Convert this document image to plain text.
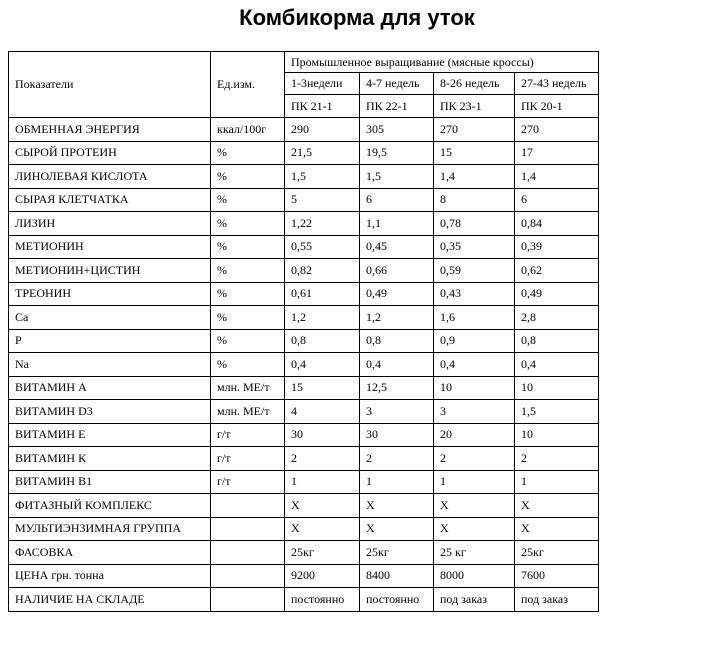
Комбикорма для уток
Показатели	Ед.изм.	Промышленное выращивание (мясные кроссы)			
		1-3недели	4-7 недель	8-26 недель	27-43 недель
		ПК 21-1	ПК 22-1	ПК 23-1	ПК 20-1
ОБМЕННАЯ ЭНЕРГИЯ	ккал/100г	290	305	270	270
СЫРОЙ ПРОТЕИН	%	21,5	19,5	15	17
ЛИНОЛЕВАЯ КИСЛОТА	%	1,5	1,5	1,4	1,4
СЫРАЯ КЛЕТЧАТКА	%	5	6	8	6
ЛИЗИН	%	1,22	1,1	0,78	0,84
МЕТИОНИН	%	0,55	0,45	0,35	0,39
МЕТИОНИН+ЦИСТИН	%	0,82	0,66	0,59	0,62
ТРЕОНИН	%	0,61	0,49	0,43	0,49
Са	%	1,2	1,2	1,6	2,8
Р	%	0,8	0,8	0,9	0,8
Na	%	0,4	0,4	0,4	0,4
ВИТАМИН А	млн. МЕ/т	15	12,5	10	10
ВИТАМИН D3	млн. МЕ/т	4	3	3	1,5
ВИТАМИН Е	г/т	30	30	20	10
ВИТАМИН К	г/т	2	2	2	2
ВИТАМИН В1	г/т	1	1	1	1
ФИТАЗНЫЙ КОМПЛЕКС		Х	Х	Х	Х
МУЛЬТИЭНЗИМНАЯ ГРУППА		Х	Х	Х	Х
ФАСОВКА		25кг	25кг	25 кг	25кг
ЦЕНА грн. тонна		9200	8400	8000	7600
НАЛИЧИЕ НА СКЛАДЕ		постоянно	постоянно	под заказ	под заказ
